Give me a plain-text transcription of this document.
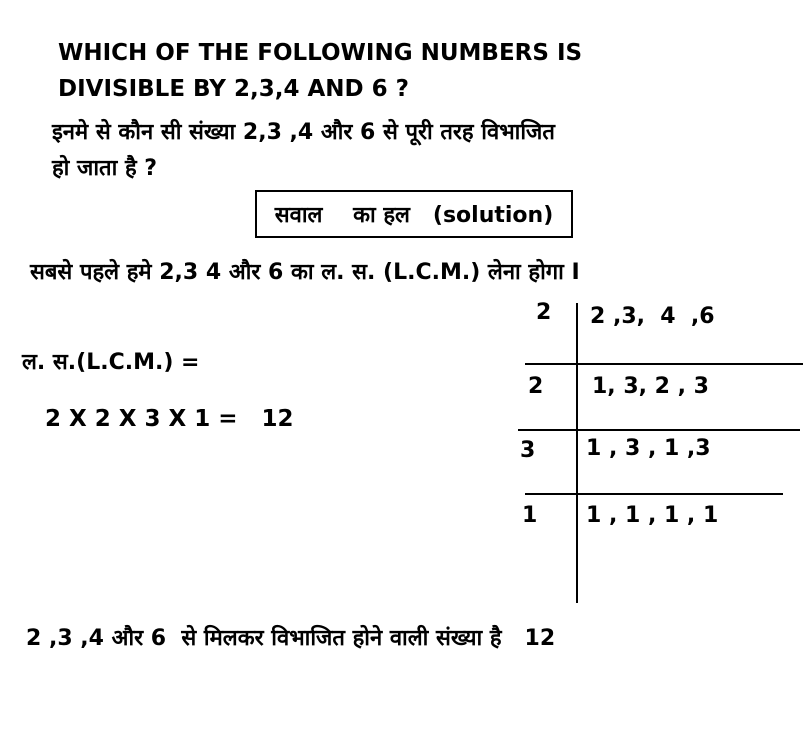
WHICH OF THE FOLLOWING NUMBERS IS
DIVISIBLE BY 2,3,4 AND 6 ?
इनमे से कौन सी संख्या 2,3 ,4 और 6 से पूरी तरह विभाजित
हो जाता है ?
सवाल    का हल   (solution)
सबसे पहले हमे 2,3 4 और 6 का ल. स. (L.C.M.) लेना होगा I
ल. स.(L.C.M.) =
2 X 2 X 3 X 1 =   12
2 2 ,3,  4  ,6
2 1, 3, 2 , 3
3 1 , 3 , 1 ,3
1 1 , 1 , 1 , 1
2 ,3 ,4 और 6  से मिलकर विभाजित होने वाली संख्या है   12
